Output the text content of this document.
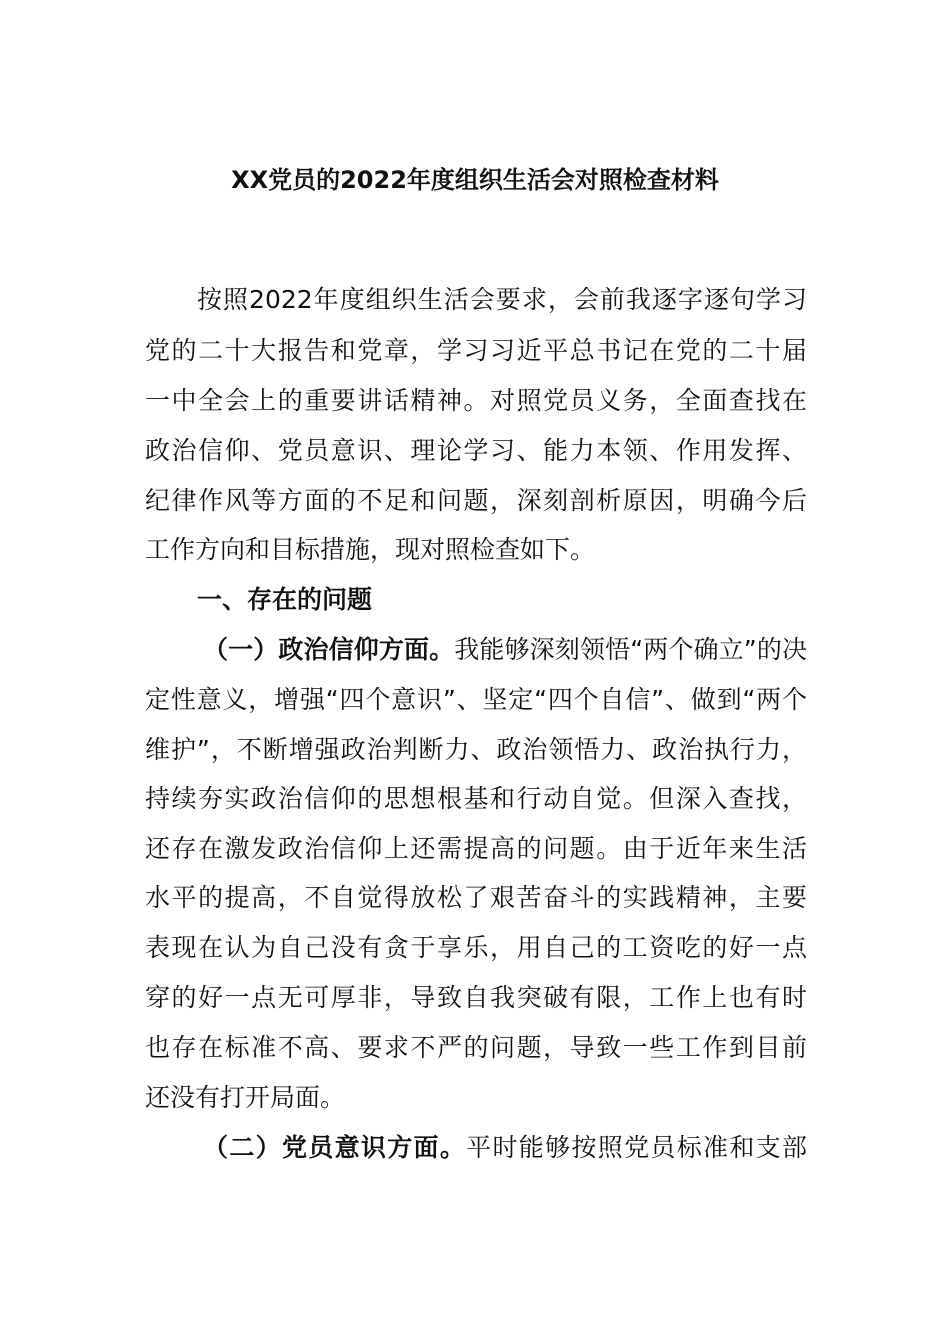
XX党员的2022年度组织生活会对照检查材料
按照2022年度组织生活会要求，会前我逐字逐句学习
党的二十大报告和党章，学习习近平总书记在党的二十届
一中全会上的重要讲话精神。对照党员义务，全面查找在
政治信仰、党员意识、理论学习、能力本领、作用发挥、
纪律作风等方面的不足和问题，深刻剖析原因，明确今后
工作方向和目标措施，现对照检查如下。
一、存在的问题
（一）政治信仰方面。我能够深刻领悟“两个确立”的决
定性意义，增强“四个意识”、坚定“四个自信”、做到“两个
维护”，不断增强政治判断力、政治领悟力、政治执行力，
持续夯实政治信仰的思想根基和行动自觉。但深入查找，
还存在激发政治信仰上还需提高的问题。由于近年来生活
水平的提高，不自觉得放松了艰苦奋斗的实践精神，主要
表现在认为自己没有贪于享乐，用自己的工资吃的好一点
穿的好一点无可厚非，导致自我突破有限，工作上也有时
也存在标准不高、要求不严的问题，导致一些工作到目前
还没有打开局面。
（二）党员意识方面。平时能够按照党员标准和支部
